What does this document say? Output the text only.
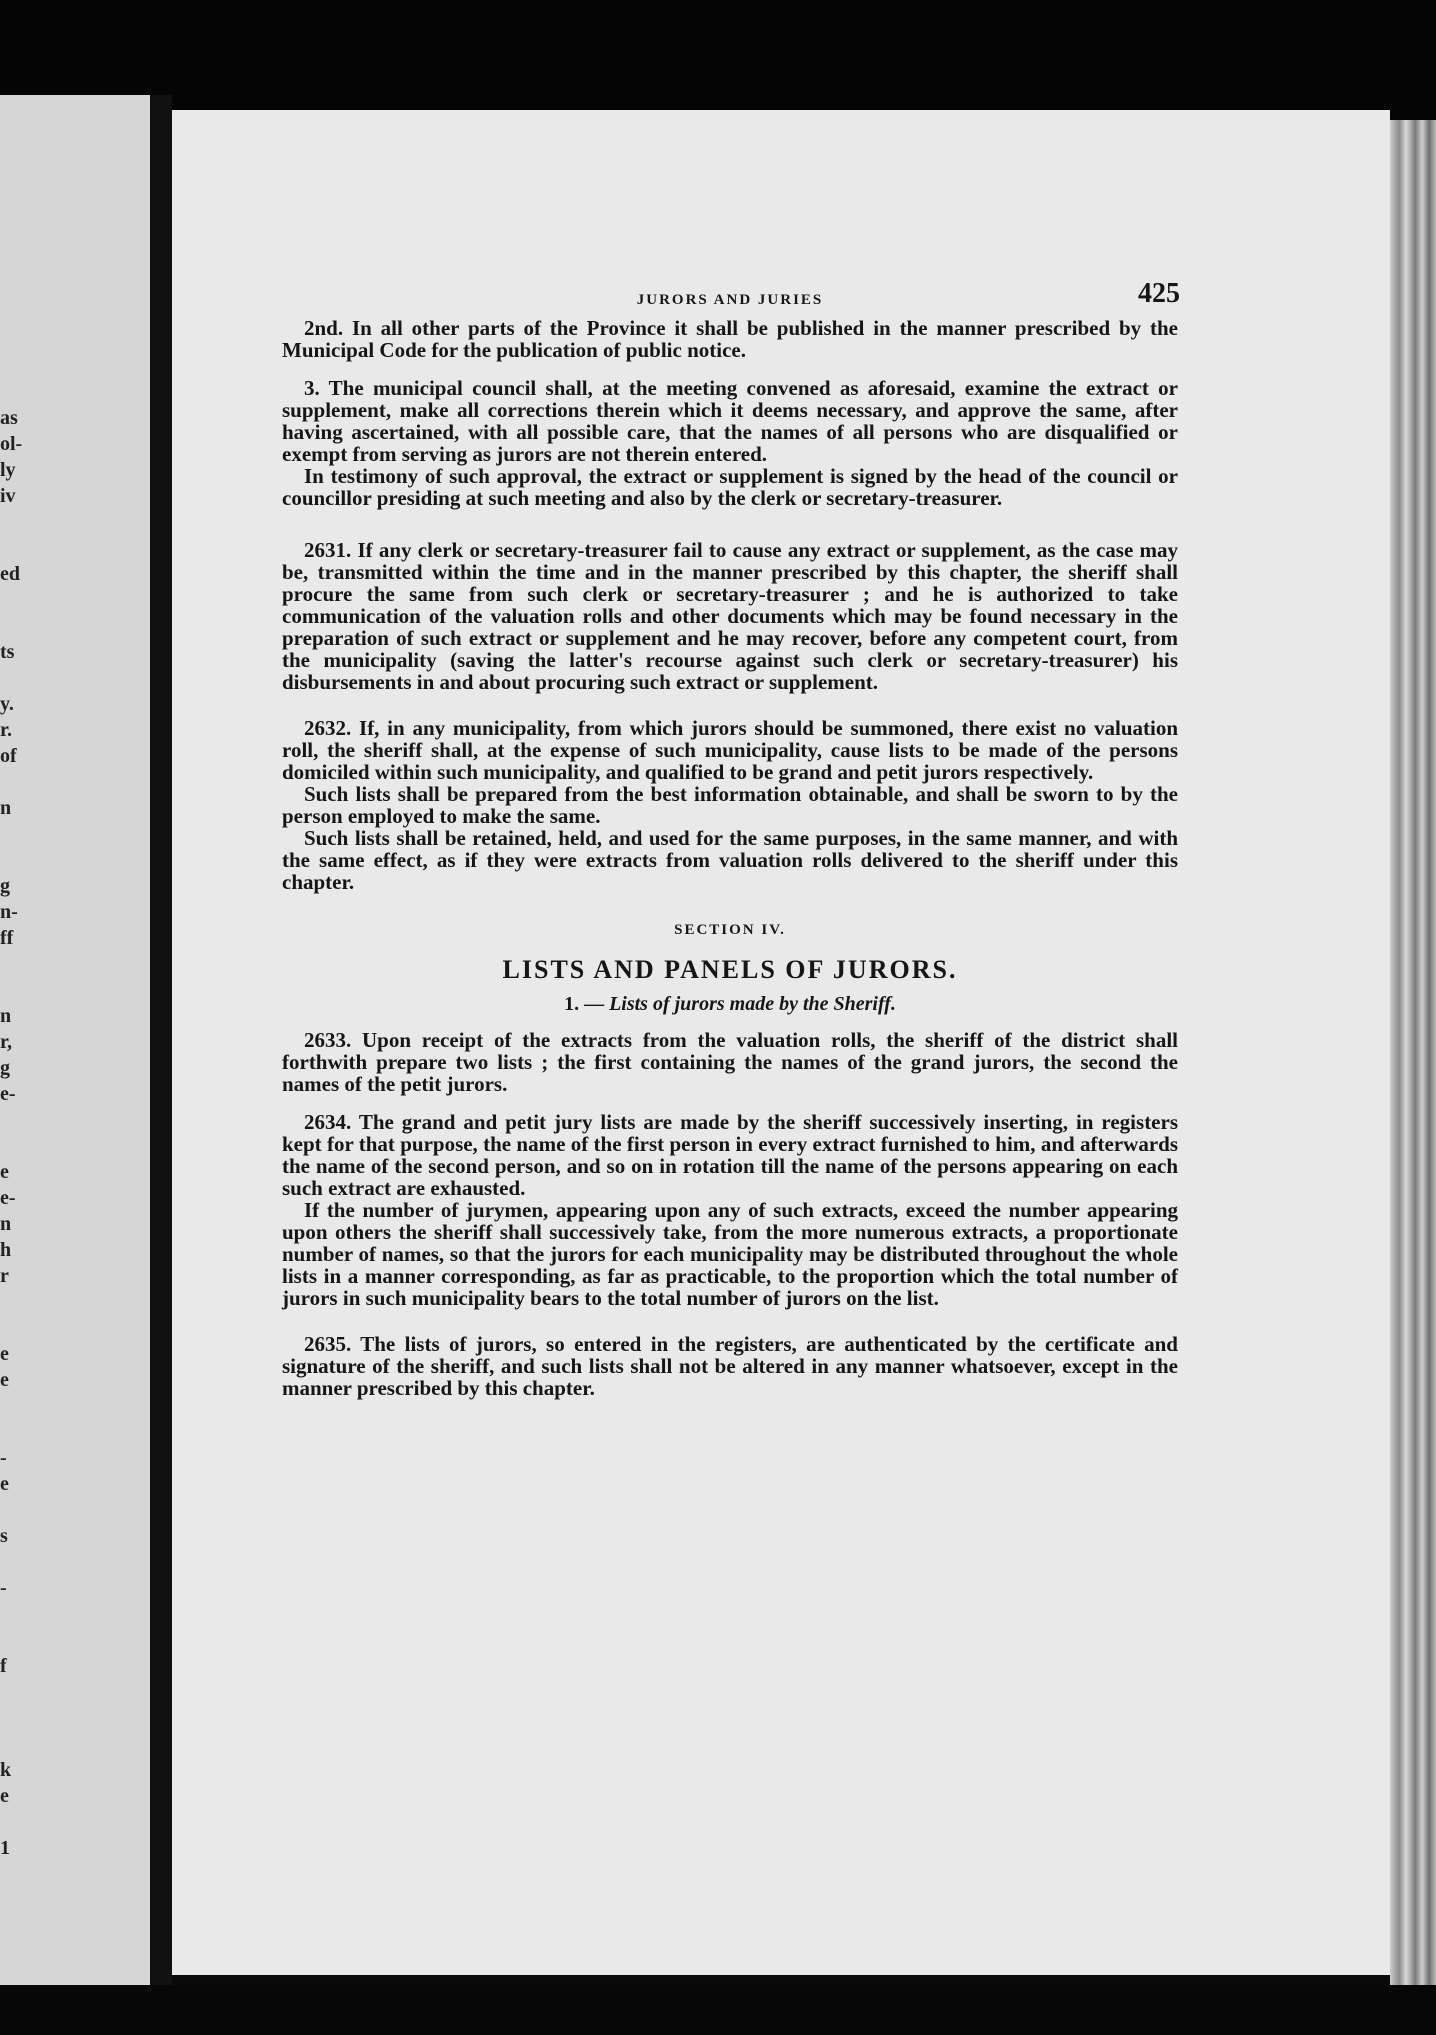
as
ol-
ly
iv

ed

ts

y.
r.
of

n

g
n-
ff

n
r,
g
e-

e
e-
n
h
r

e
e

-
e

s

-

f

k
e

1
JURORS AND JURIES	425

2nd. In all other parts of the Province it shall be published in the manner prescribed by the Municipal Code for the publication of public notice.

3. The municipal council shall, at the meeting convened as aforesaid, examine the extract or supplement, make all corrections therein which it deems necessary, and approve the same, after having ascertained, with all possible care, that the names of all persons who are disqualified or exempt from serving as jurors are not therein entered.

In testimony of such approval, the extract or supplement is signed by the head of the council or councillor presiding at such meeting and also by the clerk or secretary-treasurer.

2631. If any clerk or secretary-treasurer fail to cause any extract or supplement, as the case may be, transmitted within the time and in the manner prescribed by this chapter, the sheriff shall procure the same from such clerk or secretary-treasurer ; and he is authorized to take communication of the valuation rolls and other documents which may be found necessary in the preparation of such extract or supplement and he may recover, before any competent court, from the municipality (saving the latter's recourse against such clerk or secretary-treasurer) his disbursements in and about procuring such extract or supplement.

2632. If, in any municipality, from which jurors should be summoned, there exist no valuation roll, the sheriff shall, at the expense of such municipality, cause lists to be made of the persons domiciled within such municipality, and qualified to be grand and petit jurors respectively.

Such lists shall be prepared from the best information obtainable, and shall be sworn to by the person employed to make the same.

Such lists shall be retained, held, and used for the same purposes, in the same manner, and with the same effect, as if they were extracts from valuation rolls delivered to the sheriff under this chapter.

SECTION IV.
LISTS AND PANELS OF JURORS.
1. — Lists of jurors made by the Sheriff.

2633. Upon receipt of the extracts from the valuation rolls, the sheriff of the district shall forthwith prepare two lists ; the first containing the names of the grand jurors, the second the names of the petit jurors.

2634. The grand and petit jury lists are made by the sheriff successively inserting, in registers kept for that purpose, the name of the first person in every extract furnished to him, and afterwards the name of the second person, and so on in rotation till the name of the persons appearing on each such extract are exhausted.

If the number of jurymen, appearing upon any of such extracts, exceed the number appearing upon others the sheriff shall successively take, from the more numerous extracts, a proportionate number of names, so that the jurors for each municipality may be distributed throughout the whole lists in a manner corresponding, as far as practicable, to the proportion which the total number of jurors in such municipality bears to the total number of jurors on the list.

2635. The lists of jurors, so entered in the registers, are authenticated by the certificate and signature of the sheriff, and such lists shall not be altered in any manner whatsoever, except in the manner prescribed by this chapter.
